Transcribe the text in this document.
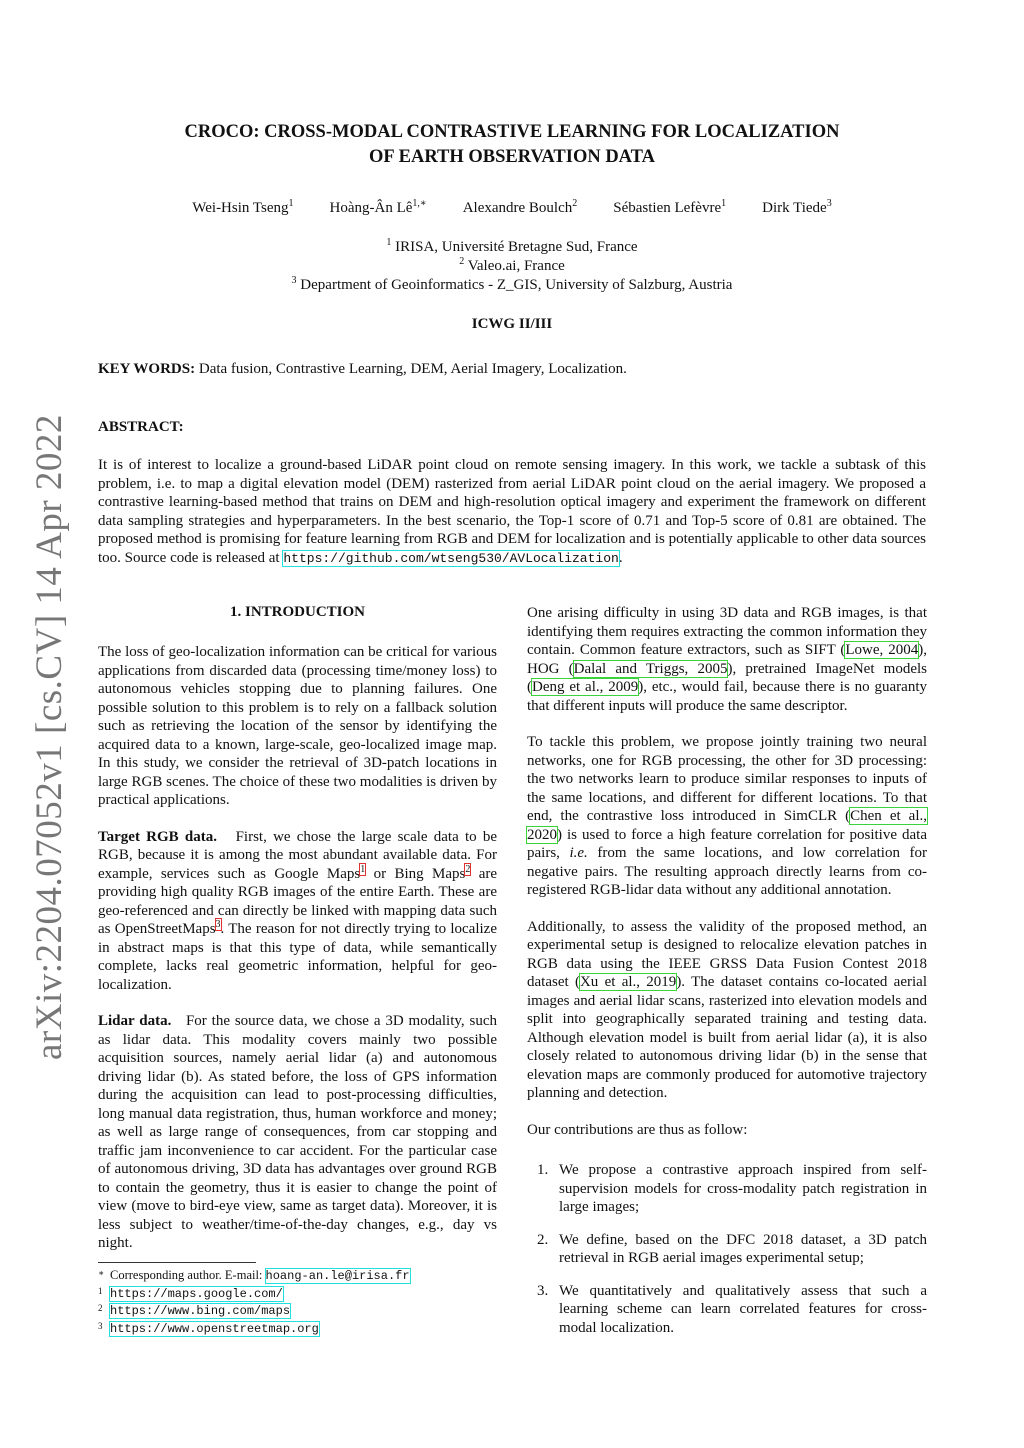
arXiv:2204.07052v1 [cs.CV] 14 Apr 2022
CROCO: CROSS-MODAL CONTRASTIVE LEARNING FOR LOCALIZATION
OF EARTH OBSERVATION DATA
Wei-Hsin Tseng$^1$ Hoàng-Ân $Lê^{1,∗}$ Alexandre Boulch$^2$ Sébastien Lefèvre$^1$ Dirk Tiede$^3$
$^1$ IRISA, Université Bretagne Sud, France
$^2$ Valeo.ai, France
$^3$ Department of Geoinformatics - Z_GIS, University of Salzburg, Austria
ICWG II/III
KEY WORDS: Data fusion, Contrastive Learning, DEM, Aerial Imagery, Localization.
ABSTRACT:
It is of interest to localize a ground-based LiDAR point cloud on remote sensing imagery. In this work, we tackle a subtask of this problem, i.e. to map a digital elevation model (DEM) rasterized from aerial LiDAR point cloud on the aerial imagery. We proposed a contrastive learning-based method that trains on DEM and high-resolution optical imagery and experiment the framework on different data sampling strategies and hyperparameters. In the best scenario, the Top-1 score of 0.71 and Top-5 score of 0.81 are obtained. The proposed method is promising for feature learning from RGB and DEM for localization and is potentially applicable to other data sources too. Source code is released at https://github.com/wtseng530/AVLocalization.
1. INTRODUCTION

The loss of geo-localization information can be critical for various applications from discarded data (processing time/money loss) to autonomous vehicles stopping due to planning failures. One possible solution to this problem is to rely on a fallback solution such as retrieving the location of the sensor by identifying the acquired data to a known, large-scale, geo-localized image map. In this study, we consider the retrieval of 3D-patch locations in large RGB scenes. The choice of these two modalities is driven by practical applications.

Target RGB data. First, we chose the large scale data to be RGB, because it is among the most abundant available data. For example, services such as Google Maps$^1$ or Bing Maps$^2$ are providing high quality RGB images of the entire Earth. These are geo-referenced and can directly be linked with mapping data such as OpenStreetMaps$^3$. The reason for not directly trying to localize in abstract maps is that this type of data, while semantically complete, lacks real geometric information, helpful for geo-localization.

Lidar data. For the source data, we chose a 3D modality, such as lidar data. This modality covers mainly two possible acquisition sources, namely aerial lidar (a) and autonomous driving lidar (b). As stated before, the loss of GPS information during the acquisition can lead to post-processing difficulties, long manual data registration, thus, human workforce and money; as well as large range of consequences, from car stopping and traffic jam inconvenience to car accident. For the particular case of autonomous driving, 3D data has advantages over ground RGB to contain the geometry, thus it is easier to change the point of view (move to bird-eye view, same as target data). Moreover, it is less subject to weather/time-of-the-day changes, e.g., day vs night.

∗ Corresponding author. E-mail: hoang-an.le@irisa.fr
1 https://maps.google.com/
2 https://www.bing.com/maps
3 https://www.openstreetmap.org

One arising difficulty in using 3D data and RGB images, is that identifying them requires extracting the common information they contain. Common feature extractors, such as SIFT (Lowe, 2004), HOG (Dalal and Triggs, 2005), pretrained ImageNet models (Deng et al., 2009), etc., would fail, because there is no guaranty that different inputs will produce the same descriptor.

To tackle this problem, we propose jointly training two neural networks, one for RGB processing, the other for 3D processing: the two networks learn to produce similar responses to inputs of the same locations, and different for different locations. To that end, the contrastive loss introduced in SimCLR (Chen et al., 2020) is used to force a high feature correlation for positive data pairs, i.e. from the same locations, and low correlation for negative pairs. The resulting approach directly learns from co-registered RGB-lidar data without any additional annotation.

Additionally, to assess the validity of the proposed method, an experimental setup is designed to relocalize elevation patches in RGB data using the IEEE GRSS Data Fusion Contest 2018 dataset (Xu et al., 2019). The dataset contains co-located aerial images and aerial lidar scans, rasterized into elevation models and split into geographically separated training and testing data. Although elevation model is built from aerial lidar (a), it is also closely related to autonomous driving lidar (b) in the sense that elevation maps are commonly produced for automotive trajectory planning and detection.

Our contributions are thus as follow:

1. We propose a contrastive approach inspired from self-supervision models for cross-modality patch registration in large images;
2. We define, based on the DFC 2018 dataset, a 3D patch retrieval in RGB aerial images experimental setup;
3. We quantitatively and qualitatively assess that such a learning scheme can learn correlated features for cross-modal localization.
